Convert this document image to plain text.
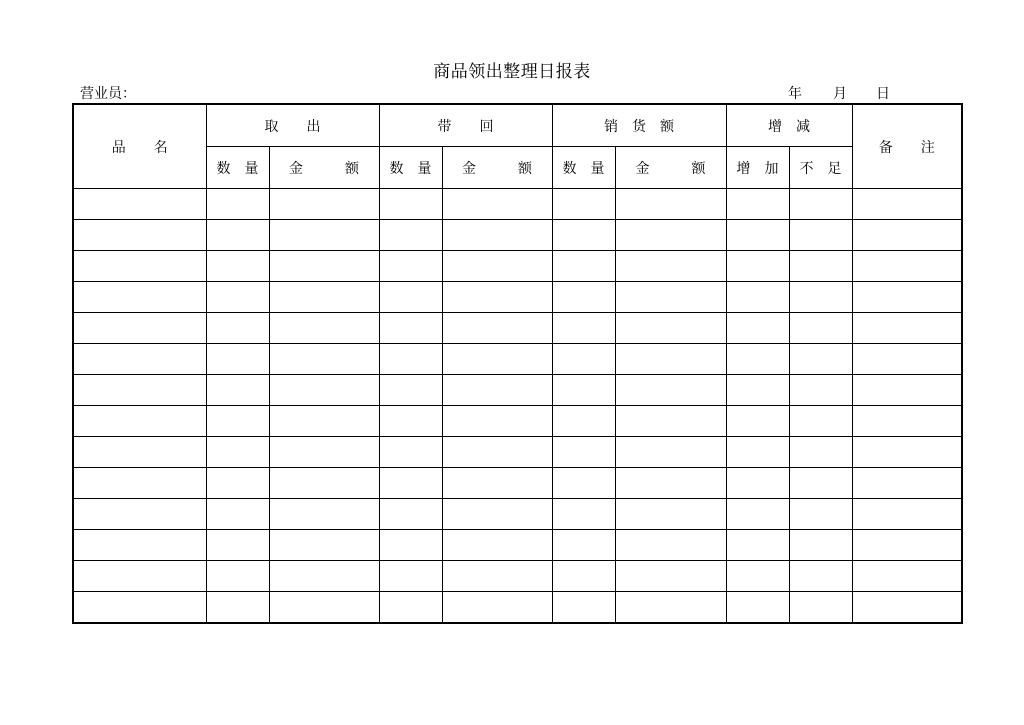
商品领出整理日报表
营业员：	年 月 日
品　　名	取　　出		带　　回		销　货　额		增　减		备　　注
	数　量	金　　　额	数　量	金　　　额	数　量	金　　　额	增　加	不　足	
